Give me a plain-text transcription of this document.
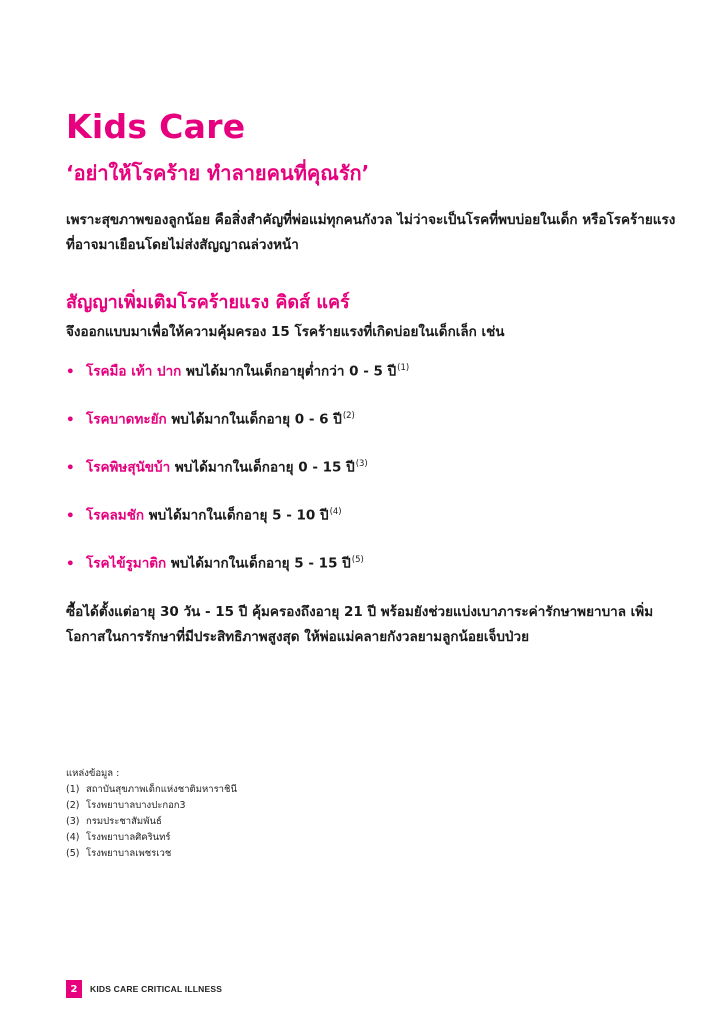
Kids Care
‘อย่าให้โรคร้าย ทำลายคนที่คุณรัก’

เพราะสุขภาพของลูกน้อย คือสิ่งสำคัญที่พ่อแม่ทุกคนกังวล ไม่ว่าจะเป็นโรคที่พบบ่อยในเด็ก หรือโรคร้ายแรงที่อาจมาเยือนโดยไม่ส่งสัญญาณล่วงหน้า

สัญญาเพิ่มเติมโรคร้ายแรง คิดส์ แคร์

จึงออกแบบมาเพื่อให้ความคุ้มครอง 15 โรคร้ายแรงที่เกิดบ่อยในเด็กเล็ก เช่น

• โรคมือ เท้า ปาก พบได้มากในเด็กอายุต่ำกว่า 0 - 5 ปี$^{(1)}$
• โรคบาดทะยัก พบได้มากในเด็กอายุ 0 - 6 ปี$^{(2)}$
• โรคพิษสุนัขบ้า พบได้มากในเด็กอายุ 0 - 15 ปี$^{(3)}$
• โรคลมชัก พบได้มากในเด็กอายุ 5 - 10 ปี$^{(4)}$
• โรคไข้รูมาติก พบได้มากในเด็กอายุ 5 - 15 ปี$^{(5)}$

ซื้อได้ตั้งแต่อายุ 30 วัน - 15 ปี คุ้มครองถึงอายุ 21 ปี พร้อมยังช่วยแบ่งเบาภาระค่ารักษาพยาบาล เพิ่มโอกาสในการรักษาที่มีประสิทธิภาพสูงสุด ให้พ่อแม่คลายกังวลยามลูกน้อยเจ็บป่วย

แหล่งข้อมูล :
(1) สถาบันสุขภาพเด็กแห่งชาติมหาราชินี
(2) โรงพยาบาลบางปะกอก3
(3) กรมประชาสัมพันธ์
(4) โรงพยาบาลศิครินทร์
(5) โรงพยาบาลเพชรเวช
2	KIDS CARE CRITICAL ILLNESS
